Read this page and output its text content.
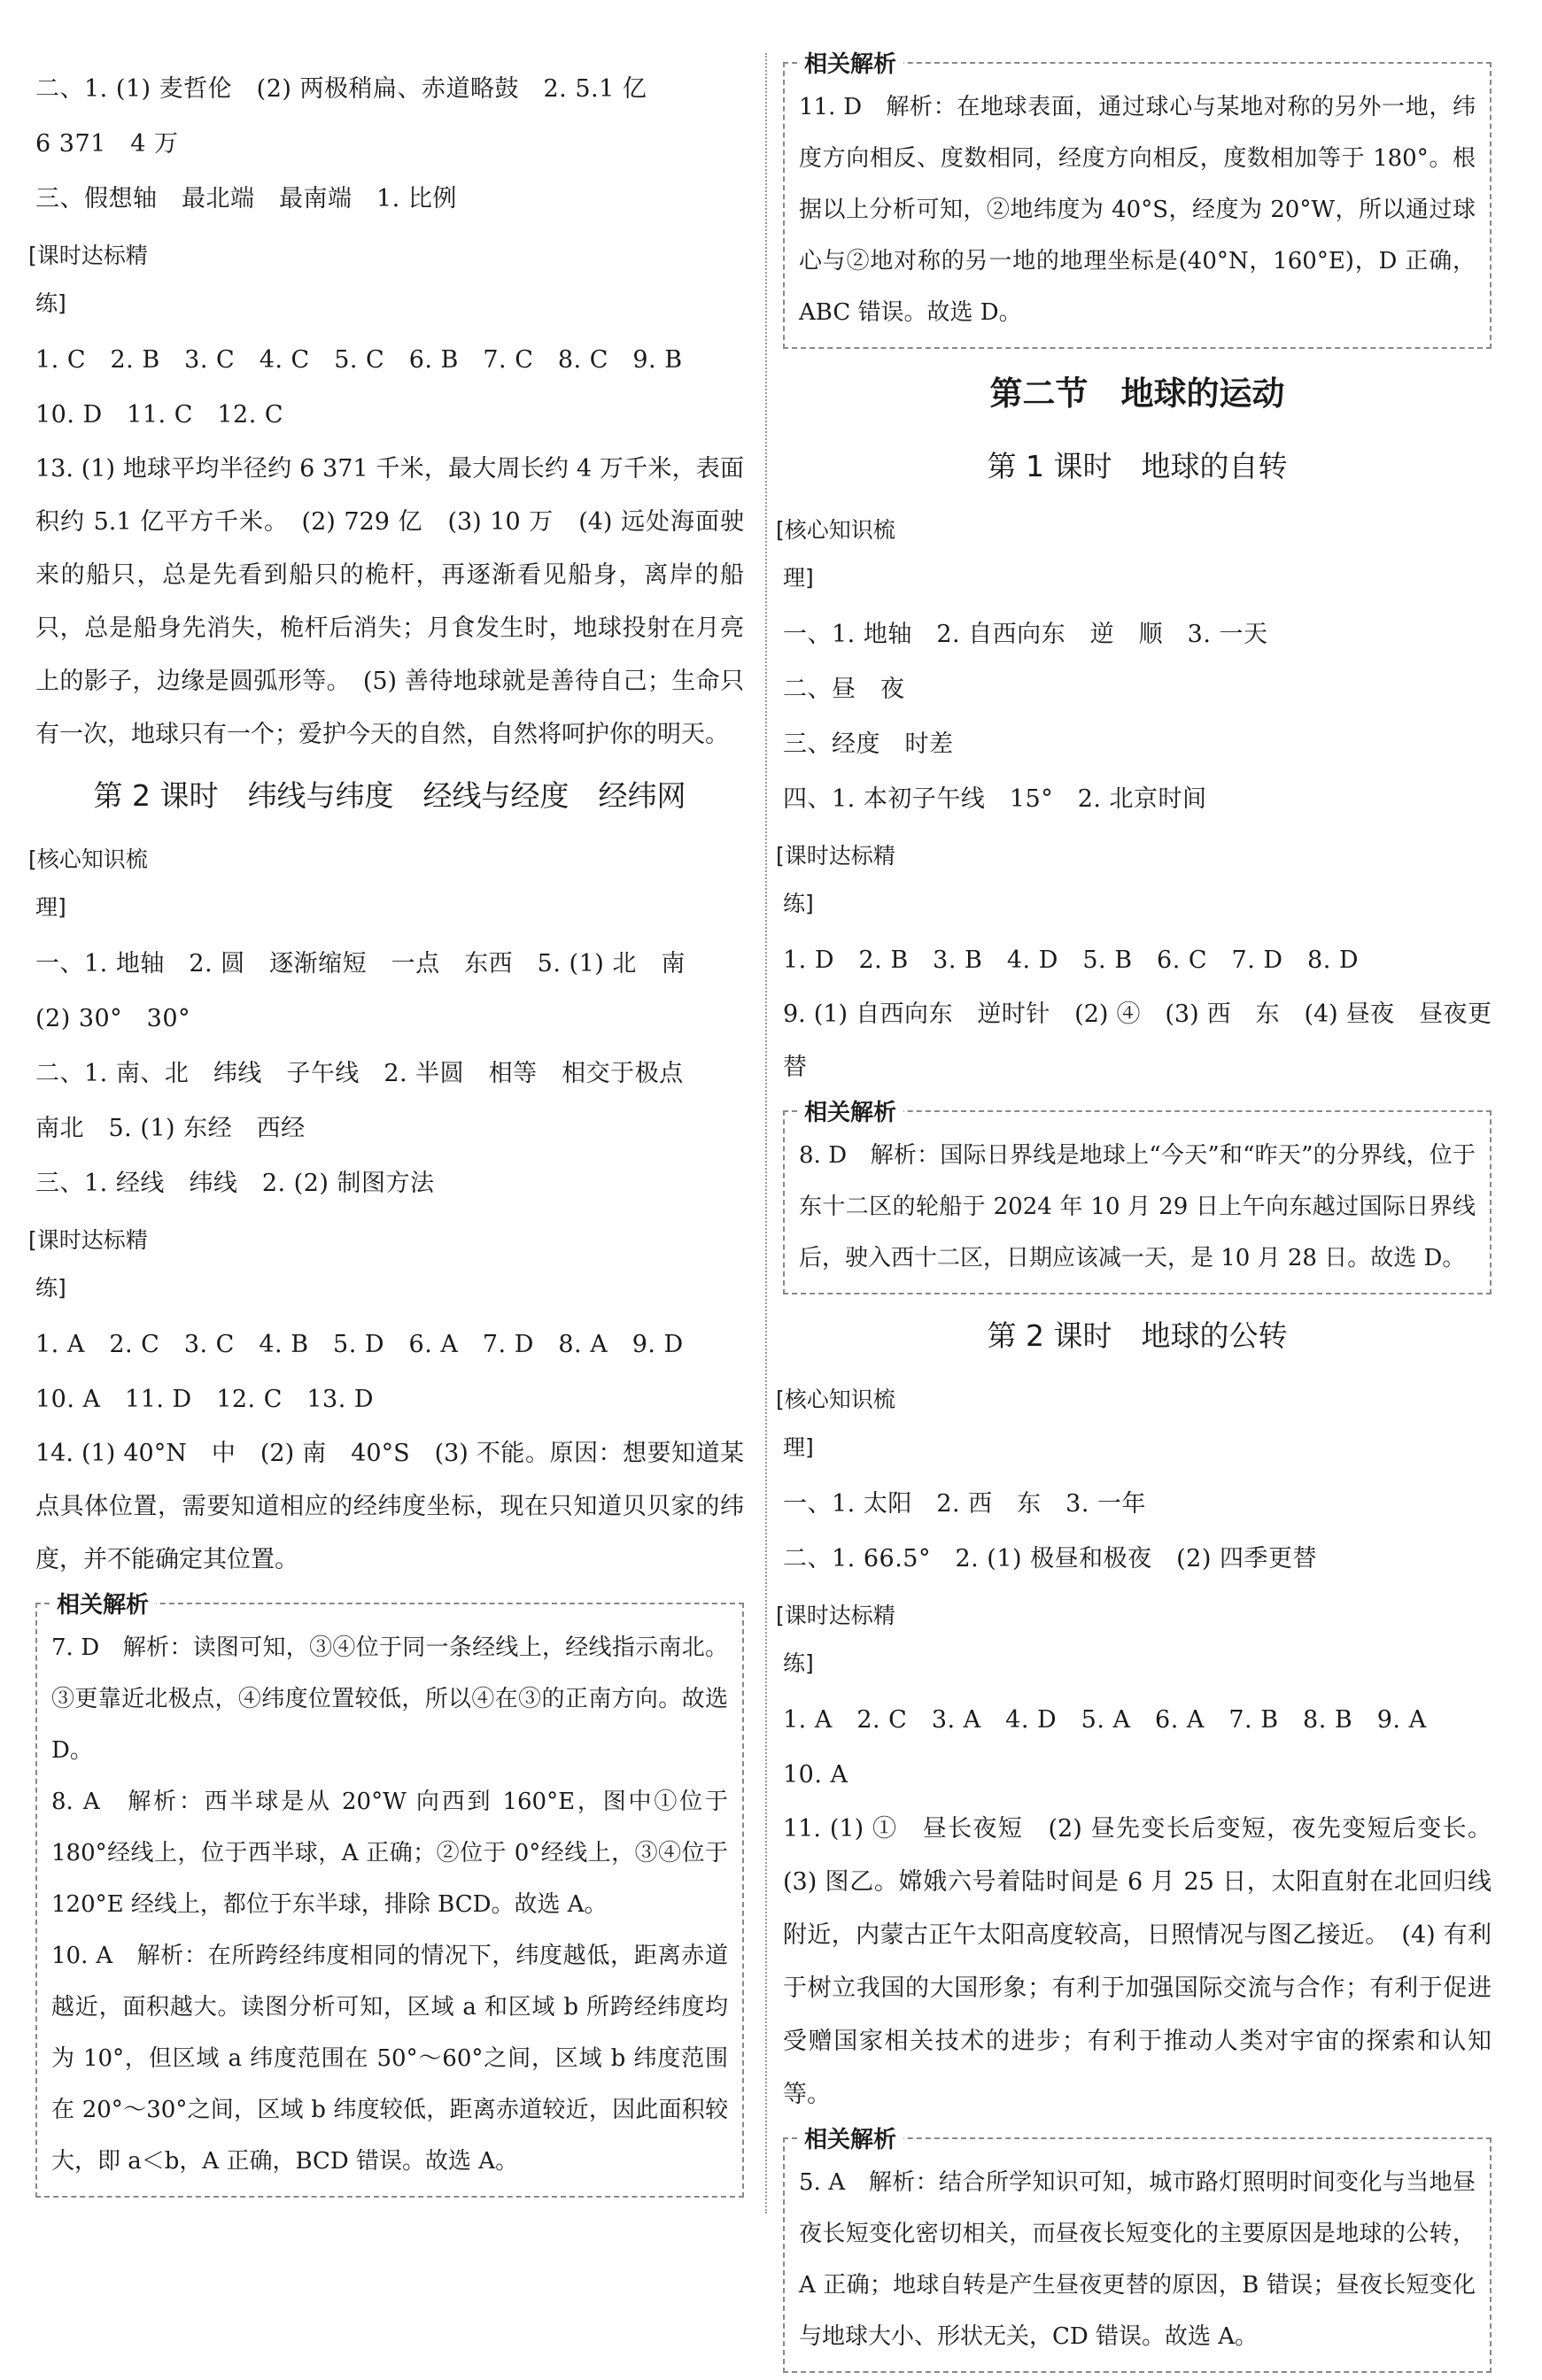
二、1. (1) 麦哲伦　(2) 两极稍扁、赤道略鼓　2. 5.1 亿
6 371　4 万
三、假想轴　最北端　最南端　1. 比例
[ 课时达标精练 ]
1. C　2. B　3. C　4. C　5. C　6. B　7. C　8. C　9. B
10. D　11. C　12. C
13. (1) 地球平均半径约 6 371 千米，最大周长约 4 万千米，表面积约 5.1 亿平方千米。　(2) 729 亿　(3) 10 万　(4) 远处海面驶来的船只，总是先看到船只的桅杆，再逐渐看见船身，离岸的船只，总是船身先消失，桅杆后消失；月食发生时，地球投射在月亮上的影子，边缘是圆弧形等。　(5) 善待地球就是善待自己；生命只有一次，地球只有一个；爱护今天的自然，自然将呵护你的明天。
第 2 课时　纬线与纬度　经线与经度　经纬网
[ 核心知识梳理 ]
一、1. 地轴　2. 圆　逐渐缩短　一点　东西　5. (1) 北　南
(2) 30°　30°
二、1. 南、北　纬线　子午线　2. 半圆　相等　相交于极点
南北　5. (1) 东经　西经
三、1. 经线　纬线　2. (2) 制图方法
[ 课时达标精练 ]
1. A　2. C　3. C　4. B　5. D　6. A　7. D　8. A　9. D
10. A　11. D　12. C　13. D
14. (1) 40°N　中　(2) 南　40°S　(3) 不能。原因：想要知道某点具体位置，需要知道相应的经纬度坐标，现在只知道贝贝家的纬度，并不能确定其位置。
相关解析
7. D　解析：读图可知，③④位于同一条经线上，经线指示南北。③更靠近北极点，④纬度位置较低，所以④在③的正南方向。故选 D。
8. A　解析：西半球是从 20°W 向西到 160°E，图中①位于 180°经线上，位于西半球，A 正确；②位于 0°经线上，③④位于 120°E 经线上，都位于东半球，排除 BCD。故选 A。
10. A　解析：在所跨经纬度相同的情况下，纬度越低，距离赤道越近，面积越大。读图分析可知，区域 a 和区域 b 所跨经纬度均为 10°，但区域 a 纬度范围在 50°～60°之间，区域 b 纬度范围在 20°～30°之间，区域 b 纬度较低，距离赤道较近，因此面积较大，即 a＜b，A 正确，BCD 错误。故选 A。
相关解析
11. D　解析：在地球表面，通过球心与某地对称的另外一地，纬度方向相反、度数相同，经度方向相反，度数相加等于 180°。根据以上分析可知，②地纬度为 40°S，经度为 20°W，所以通过球心与②地对称的另一地的地理坐标是(40°N，160°E)，D 正确，ABC 错误。故选 D。
第二节　地球的运动
第 1 课时　地球的自转
[ 核心知识梳理 ]
一、1. 地轴　2. 自西向东　逆　顺　3. 一天
二、昼　夜
三、经度　时差
四、1. 本初子午线　15°　2. 北京时间
[ 课时达标精练 ]
1. D　2. B　3. B　4. D　5. B　6. C　7. D　8. D
9. (1) 自西向东　逆时针　(2) ④　(3) 西　东　(4) 昼夜　昼夜更替
相关解析
8. D　解析：国际日界线是地球上“今天”和“昨天”的分界线，位于东十二区的轮船于 2024 年 10 月 29 日上午向东越过国际日界线后，驶入西十二区，日期应该减一天，是 10 月 28 日。故选 D。
第 2 课时　地球的公转
[ 核心知识梳理 ]
一、1. 太阳　2. 西　东　3. 一年
二、1. 66.5°　2. (1) 极昼和极夜　(2) 四季更替
[ 课时达标精练 ]
1. A　2. C　3. A　4. D　5. A　6. A　7. B　8. B　9. A
10. A
11. (1) ①　昼长夜短　(2) 昼先变长后变短，夜先变短后变长。(3) 图乙。嫦娥六号着陆时间是 6 月 25 日，太阳直射在北回归线附近，内蒙古正午太阳高度较高，日照情况与图乙接近。　(4) 有利于树立我国的大国形象；有利于加强国际交流与合作；有利于促进受赠国家相关技术的进步；有利于推动人类对宇宙的探索和认知等。
相关解析
5. A　解析：结合所学知识可知，城市路灯照明时间变化与当地昼夜长短变化密切相关，而昼夜长短变化的主要原因是地球的公转，A 正确；地球自转是产生昼夜更替的原因，B 错误；昼夜长短变化与地球大小、形状无关，CD 错误。故选 A。
